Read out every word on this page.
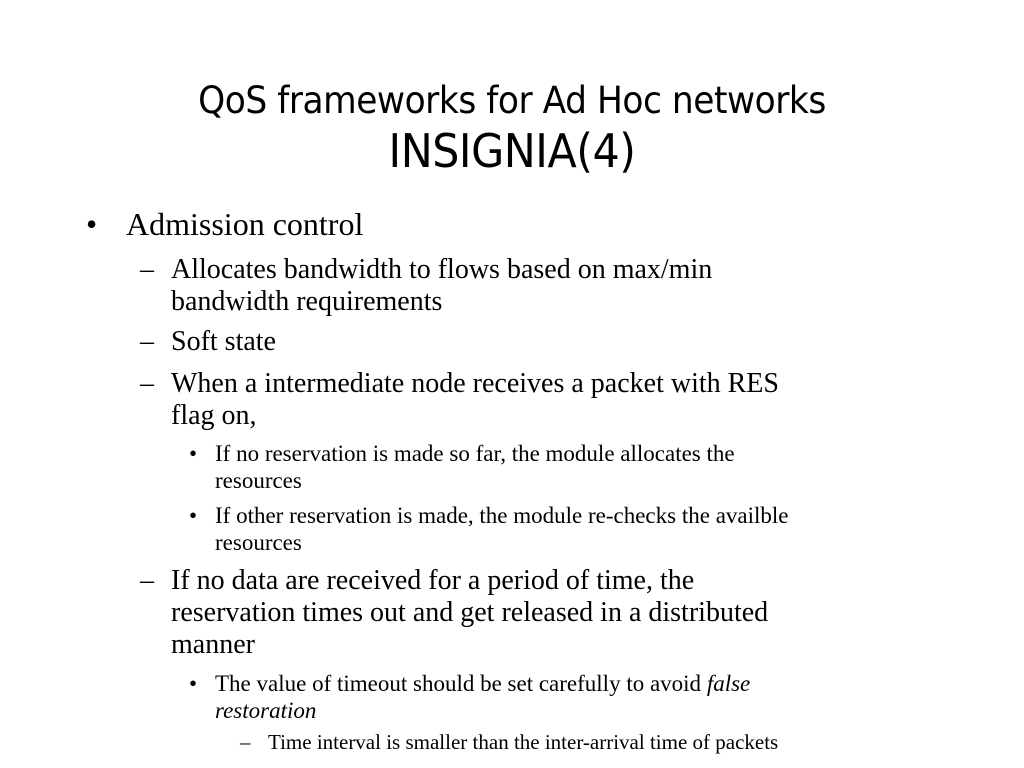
QoS frameworks for Ad Hoc networks
INSIGNIA(4)
• Admission control
– Allocates bandwidth to flows based on max/min
bandwidth requirements
– Soft state
– When a intermediate node receives a packet with RES
flag on,
• If no reservation is made so far, the module allocates the
resources
• If other reservation is made, the module re-checks the availble
resources
– If no data are received for a period of time, the
reservation times out and get released in a distributed
manner
• The value of timeout should be set carefully to avoid false
restoration
– Time interval is smaller than the inter-arrival time of packets
